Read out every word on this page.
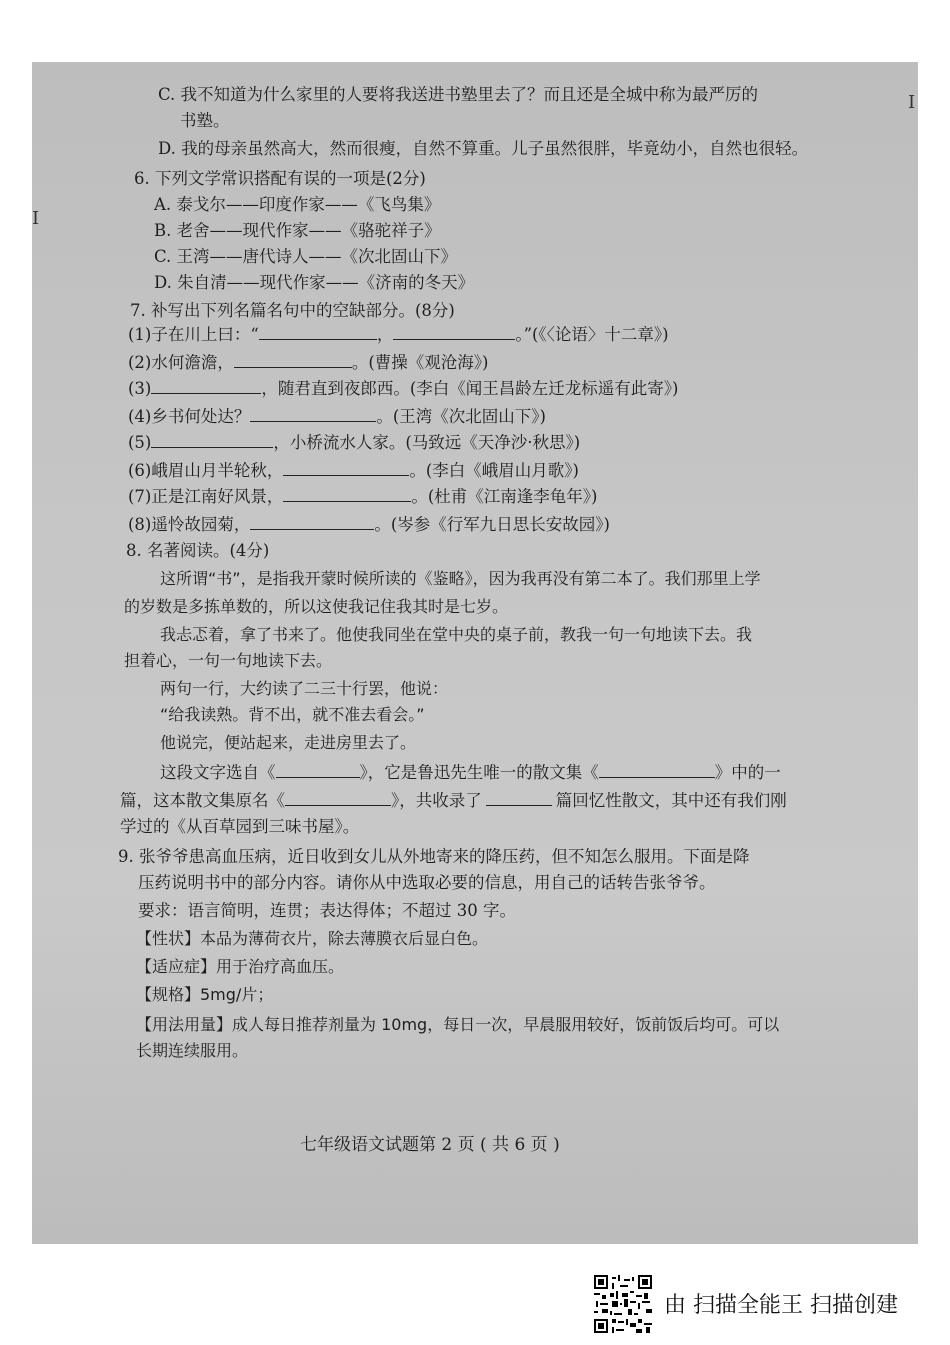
I
I
C. 我不知道为什么家里的人要将我送进书塾里去了？而且还是全城中称为最严厉的
书塾。
D. 我的母亲虽然高大，然而很瘦，自然不算重。儿子虽然很胖，毕竟幼小，自然也很轻。
6. 下列文学常识搭配有误的一项是(2分)
A. 泰戈尔——印度作家——《飞鸟集》
B. 老舍——现代作家——《骆驼祥子》
C. 王湾——唐代诗人——《次北固山下》
D. 朱自清——现代作家——《济南的冬天》
7. 补写出下列名篇名句中的空缺部分。(8分)
(1)子在川上曰：“	，	。”(《〈论语〉十二章》)
(2)水何澹澹，	。(曹操《观沧海》)
(3)	，随君直到夜郎西。(李白《闻王昌龄左迁龙标遥有此寄》)
(4)乡书何处达？	。(王湾《次北固山下》)
(5)	，小桥流水人家。(马致远《天净沙·秋思》)
(6)峨眉山月半轮秋，	。(李白《峨眉山月歌》)
(7)正是江南好风景，	。(杜甫《江南逢李龟年》)
(8)遥怜故园菊，	。(岑参《行军九日思长安故园》)
8. 名著阅读。(4分)
这所谓“书”，是指我开蒙时候所读的《鉴略》，因为我再没有第二本了。我们那里上学
的岁数是多拣单数的，所以这使我记住我其时是七岁。
我忐忑着，拿了书来了。他使我同坐在堂中央的桌子前，教我一句一句地读下去。我
担着心，一句一句地读下去。
两句一行，大约读了二三十行罢，他说：
“给我读熟。背不出，就不准去看会。”
他说完，便站起来，走进房里去了。
这段文字选自《	》，它是鲁迅先生唯一的散文集《	》中的一
篇，这本散文集原名《	》，共收录了	篇回忆性散文，其中还有我们刚
学过的《从百草园到三味书屋》。
9. 张爷爷患高血压病，近日收到女儿从外地寄来的降压药，但不知怎么服用。下面是降
压药说明书中的部分内容。请你从中选取必要的信息，用自己的话转告张爷爷。
要求：语言简明，连贯；表达得体；不超过 30 字。
【性状】本品为薄荷衣片，除去薄膜衣后显白色。
【适应症】用于治疗高血压。
【规格】5mg/片；
【用法用量】成人每日推荐剂量为 10mg，每日一次，早晨服用较好，饭前饭后均可。可以
长期连续服用。
七年级语文试题第 2 页 ( 共 6 页 )
由 扫描全能王 扫描创建
